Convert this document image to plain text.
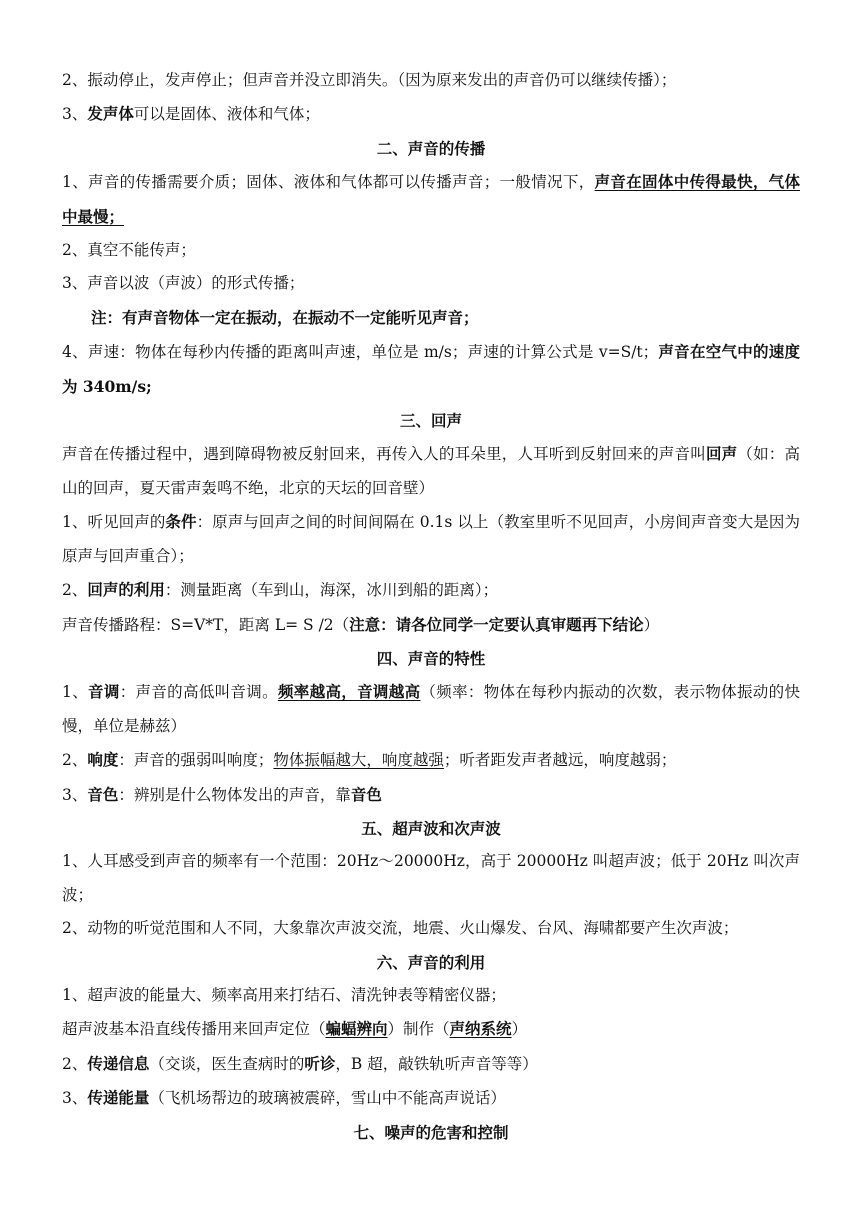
2、振动停止，发声停止；但声音并没立即消失。（因为原来发出的声音仍可以继续传播）；

3、发声体可以是固体、液体和气体；

二、声音的传播

1、声音的传播需要介质；固体、液体和气体都可以传播声音；一般情况下，声音在固体中传得最快，气体中最慢；

2、真空不能传声；

3、声音以波（声波）的形式传播；

注：有声音物体一定在振动，在振动不一定能听见声音；

4、声速：物体在每秒内传播的距离叫声速，单位是 m/s；声速的计算公式是 v=S/t；声音在空气中的速度为 340m/s;

三、回声

声音在传播过程中，遇到障碍物被反射回来，再传入人的耳朵里，人耳听到反射回来的声音叫回声（如：高山的回声，夏天雷声轰鸣不绝，北京的天坛的回音壁）

1、听见回声的条件：原声与回声之间的时间间隔在 0.1s 以上（教室里听不见回声，小房间声音变大是因为原声与回声重合）；

2、回声的利用：测量距离（车到山，海深，冰川到船的距离）；

声音传播路程：S=V*T，距离 L= S /2（注意：请各位同学一定要认真审题再下结论）

四、声音的特性

1、音调：声音的高低叫音调。频率越高，音调越高（频率：物体在每秒内振动的次数，表示物体振动的快慢，单位是赫兹）

2、响度：声音的强弱叫响度；物体振幅越大，响度越强；听者距发声者越远，响度越弱；

3、音色：辨别是什么物体发出的声音，靠音色

五、超声波和次声波

1、人耳感受到声音的频率有一个范围：20Hz～20000Hz，高于 20000Hz 叫超声波；低于 20Hz 叫次声波；

2、动物的听觉范围和人不同，大象靠次声波交流，地震、火山爆发、台风、海啸都要产生次声波；

六、声音的利用

1、超声波的能量大、频率高用来打结石、清洗钟表等精密仪器；

超声波基本沿直线传播用来回声定位（蝙蝠辨向）制作（声纳系统）

2、传递信息（交谈，医生查病时的听诊，B 超，敲铁轨听声音等等）

3、传递能量（飞机场帮边的玻璃被震碎，雪山中不能高声说话）

七、噪声的危害和控制
